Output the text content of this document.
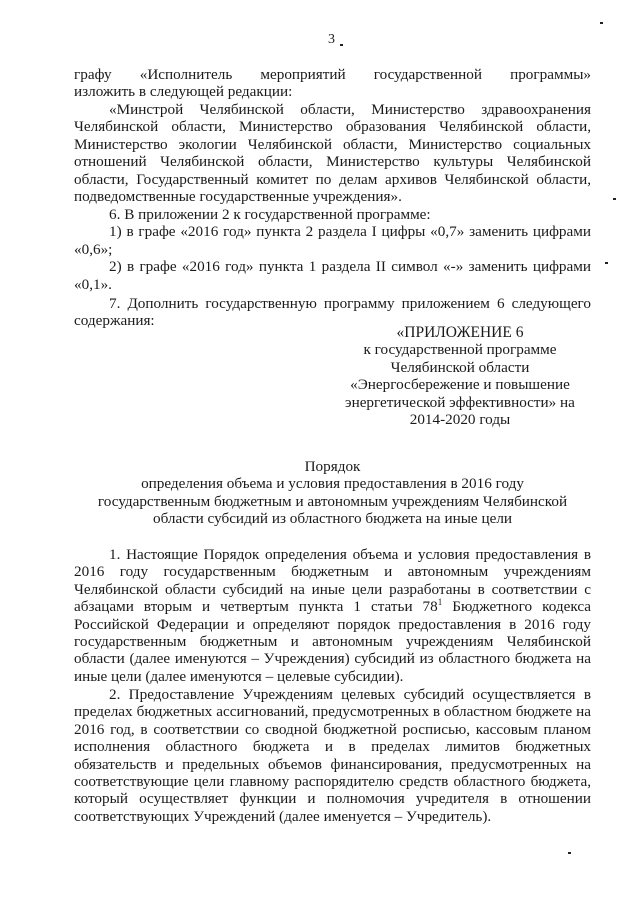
3
графу «Исполнитель мероприятий государственной программы»
изложить в следующей редакции:
«Минстрой Челябинской области, Министерство здравоохранения
Челябинской области, Министерство образования Челябинской области,
Министерство экологии Челябинской области, Министерство социальных
отношений Челябинской области, Министерство культуры Челябинской
области, Государственный комитет по делам архивов Челябинской области,
подведомственные государственные учреждения».
6. В приложении 2 к государственной программе:
1) в графе «2016 год» пункта 2 раздела I цифры «0,7» заменить цифрами
«0,6»;
2) в графе «2016 год» пункта 1 раздела II символ «-» заменить цифрами
«0,1».
7. Дополнить государственную программу приложением 6 следующего
содержания:
«ПРИЛОЖЕНИЕ 6
к государственной программе
Челябинской области
«Энергосбережение и повышение
энергетической эффективности» на
2014-2020 годы
Порядок
определения объема и условия предоставления в 2016 году
государственным бюджетным и автономным учреждениям Челябинской
области субсидий из областного бюджета на иные цели
1. Настоящие Порядок определения объема и условия предоставления в
2016 году государственным бюджетным и автономным учреждениям
Челябинской области субсидий на иные цели разработаны в соответствии с
абзацами вторым и четвертым пункта 1 статьи $78^1$ Бюджетного кодекса
Российской Федерации и определяют порядок предоставления в 2016 году
государственным бюджетным и автономным учреждениям Челябинской
области (далее именуются – Учреждения) субсидий из областного бюджета на
иные цели (далее именуются – целевые субсидии).
2. Предоставление Учреждениям целевых субсидий осуществляется в
пределах бюджетных ассигнований, предусмотренных в областном бюджете на
2016 год, в соответствии со сводной бюджетной росписью, кассовым планом
исполнения областного бюджета и в пределах лимитов бюджетных
обязательств и предельных объемов финансирования, предусмотренных на
соответствующие цели главному распорядителю средств областного бюджета,
который осуществляет функции и полномочия учредителя в отношении
соответствующих Учреждений (далее именуется – Учредитель).
